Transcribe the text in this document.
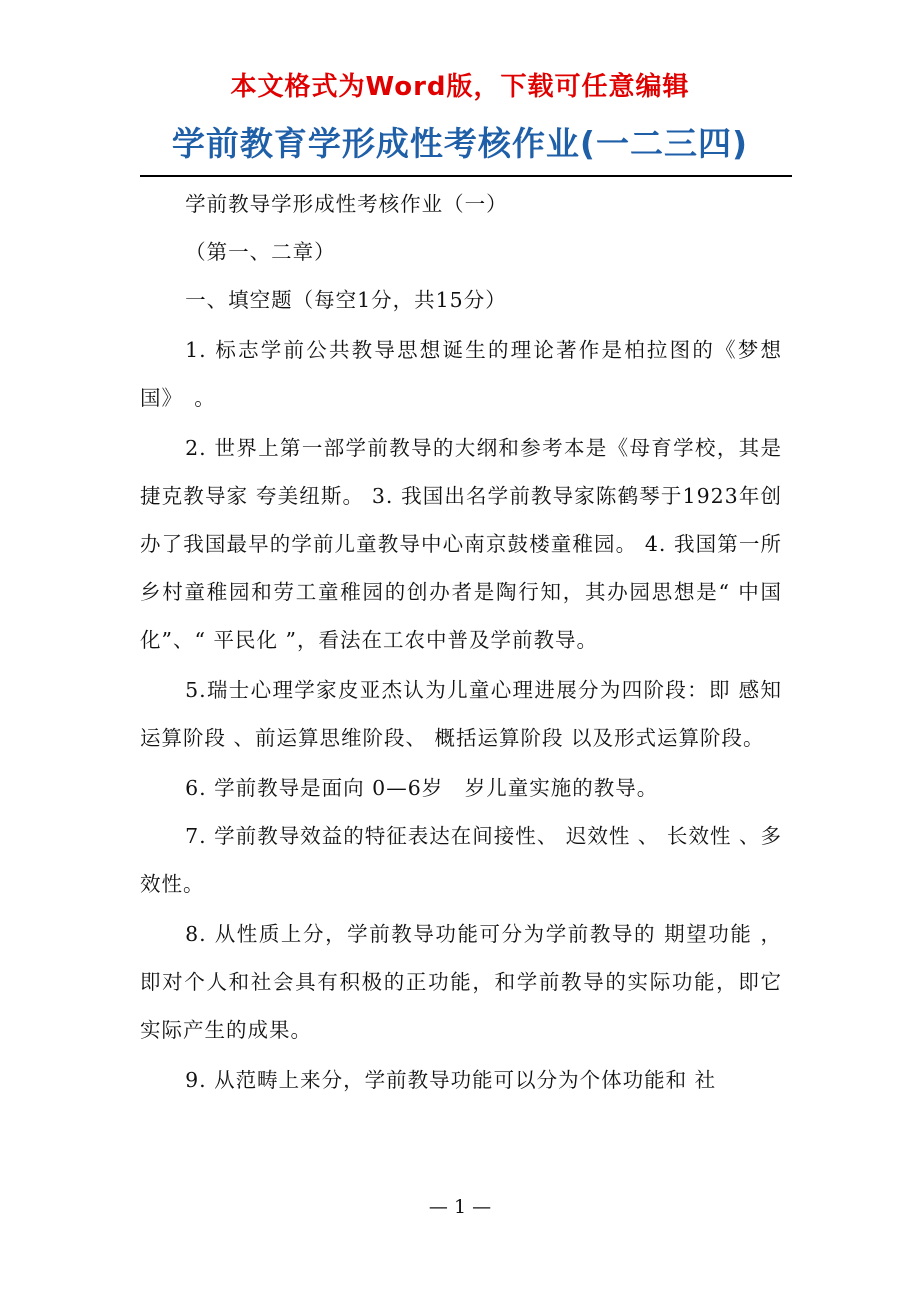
本文格式为Word版，下载可任意编辑
学前教育学形成性考核作业(一二三四)

学前教导学形成性考核作业（一）

（第一、二章）

一、填空题（每空1分，共15分）

1. 标志学前公共教导思想诞生的理论著作是柏拉图的《梦想国》　。

2. 世界上第一部学前教导的大纲和参考本是《母育学校，其是捷克教导家 夸美纽斯。 3. 我国出名学前教导家陈鹤琴于1923年创办了我国最早的学前儿童教导中心南京鼓楼童稚园。 4. 我国第一所乡村童稚园和劳工童稚园的创办者是陶行知，其办园思想是“ 中国化”、“ 平民化 ”，看法在工农中普及学前教导。

5.瑞士心理学家皮亚杰认为儿童心理进展分为四阶段：即 感知运算阶段 、前运算思维阶段、 概括运算阶段 以及形式运算阶段。

6. 学前教导是面向 0—6岁　岁儿童实施的教导。

7. 学前教导效益的特征表达在间接性、 迟效性 、 长效性 、多效性。

8. 从性质上分，学前教导功能可分为学前教导的 期望功能 ，即对个人和社会具有积极的正功能，和学前教导的实际功能，即它实际产生的成果。

9. 从范畴上来分，学前教导功能可以分为个体功能和 社

— 1 —
